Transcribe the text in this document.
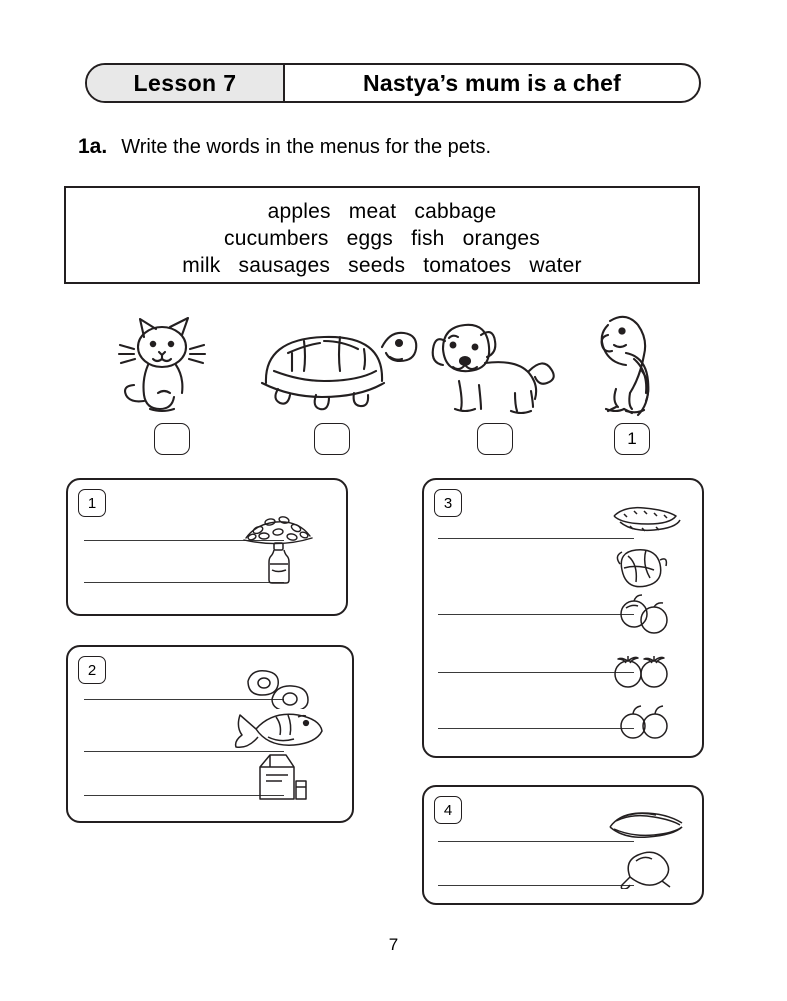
Lesson 7	Nastya’s mum is a chef
1a. Write the words in the menus for the pets.
apples   meat   cabbage
cucumbers   eggs   fish   oranges
milk   sausages   seeds   tomatoes   water
1
1
2
3
4
7
